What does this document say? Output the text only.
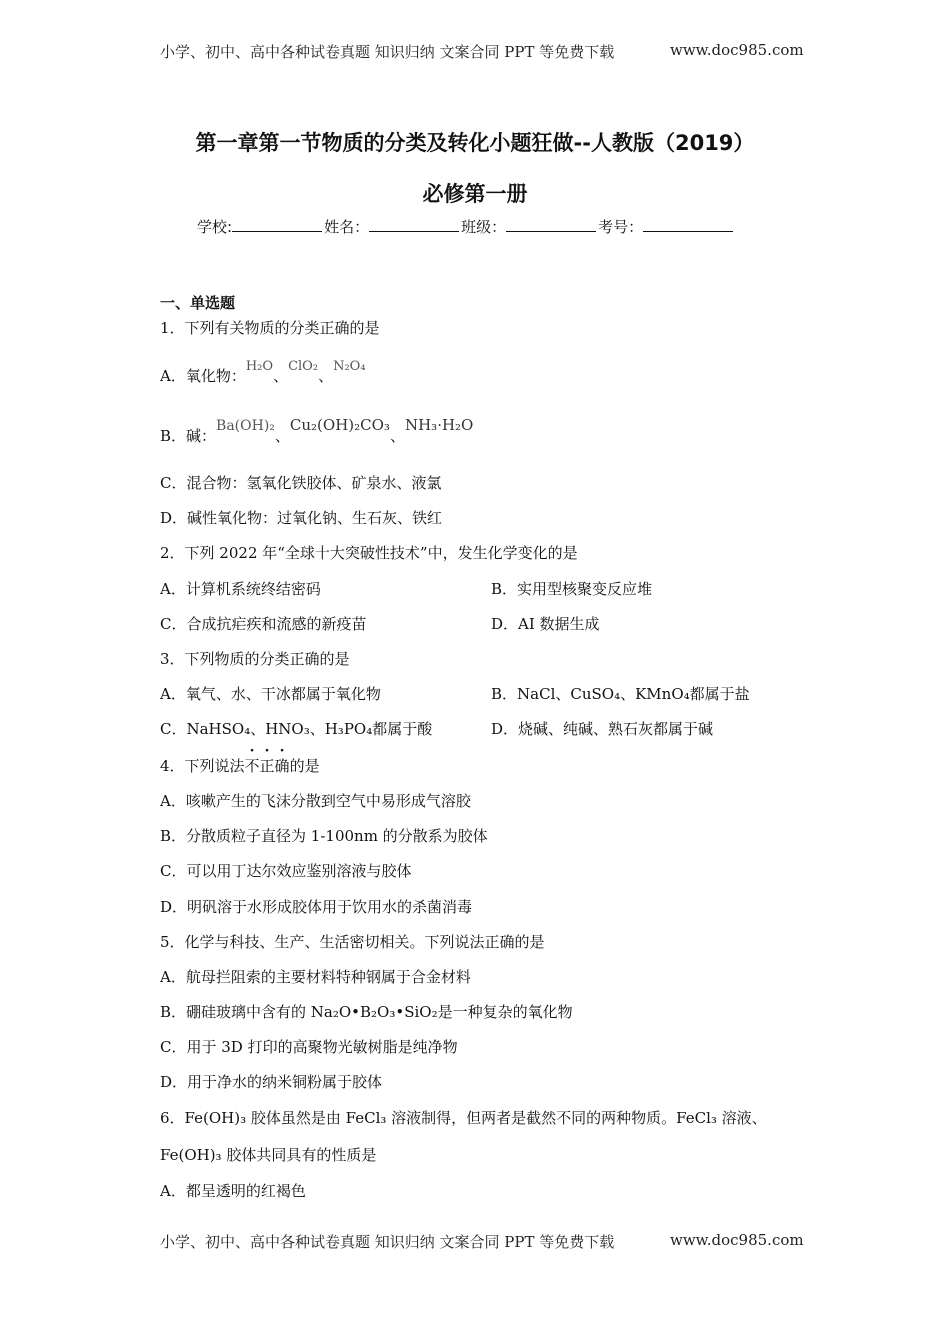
小学、初中、高中各种试卷真题 知识归纳 文案合同 PPT 等免费下载	www.doc985.com
第一章第一节物质的分类及转化小题狂做--人教版（2019）
必修第一册
学校:	姓名：	班级：	考号：
一、单选题
1．下列有关物质的分类正确的是
A．氧化物：H₂O、ClO₂、N₂O₄
B．碱：Ba(OH)₂、Cu₂(OH)₂CO₃、NH₃·H₂O
C．混合物：氢氧化铁胶体、矿泉水、液氯
D．碱性氧化物：过氧化钠、生石灰、铁红
2．下列 2022 年“全球十大突破性技术”中，发生化学变化的是
A．计算机系统终结密码	B．实用型核聚变反应堆
C．合成抗疟疾和流感的新疫苗	D．AI 数据生成
3．下列物质的分类正确的是
A．氧气、水、干冰都属于氧化物	B．NaCl、CuSO₄、KMnO₄都属于盐
C．NaHSO₄、HNO₃、H₃PO₄都属于酸	D．烧碱、纯碱、熟石灰都属于碱
4．下列说法不正确
· · ·
的是
A．咳嗽产生的飞沫分散到空气中易形成气溶胶
B．分散质粒子直径为 1-100nm 的分散系为胶体
C．可以用丁达尔效应鉴别溶液与胶体
D．明矾溶于水形成胶体用于饮用水的杀菌消毒
5．化学与科技、生产、生活密切相关。下列说法正确的是
A．航母拦阻索的主要材料特种钢属于合金材料
B．硼硅玻璃中含有的 Na₂O•B₂O₃•SiO₂是一种复杂的氧化物
C．用于 3D 打印的高聚物光敏树脂是纯净物
D．用于净水的纳米铜粉属于胶体
6．Fe(OH)₃ 胶体虽然是由 FeCl₃ 溶液制得，但两者是截然不同的两种物质。FeCl₃ 溶液、
Fe(OH)₃ 胶体共同具有的性质是
A．都呈透明的红褐色
小学、初中、高中各种试卷真题 知识归纳 文案合同 PPT 等免费下载	www.doc985.com
